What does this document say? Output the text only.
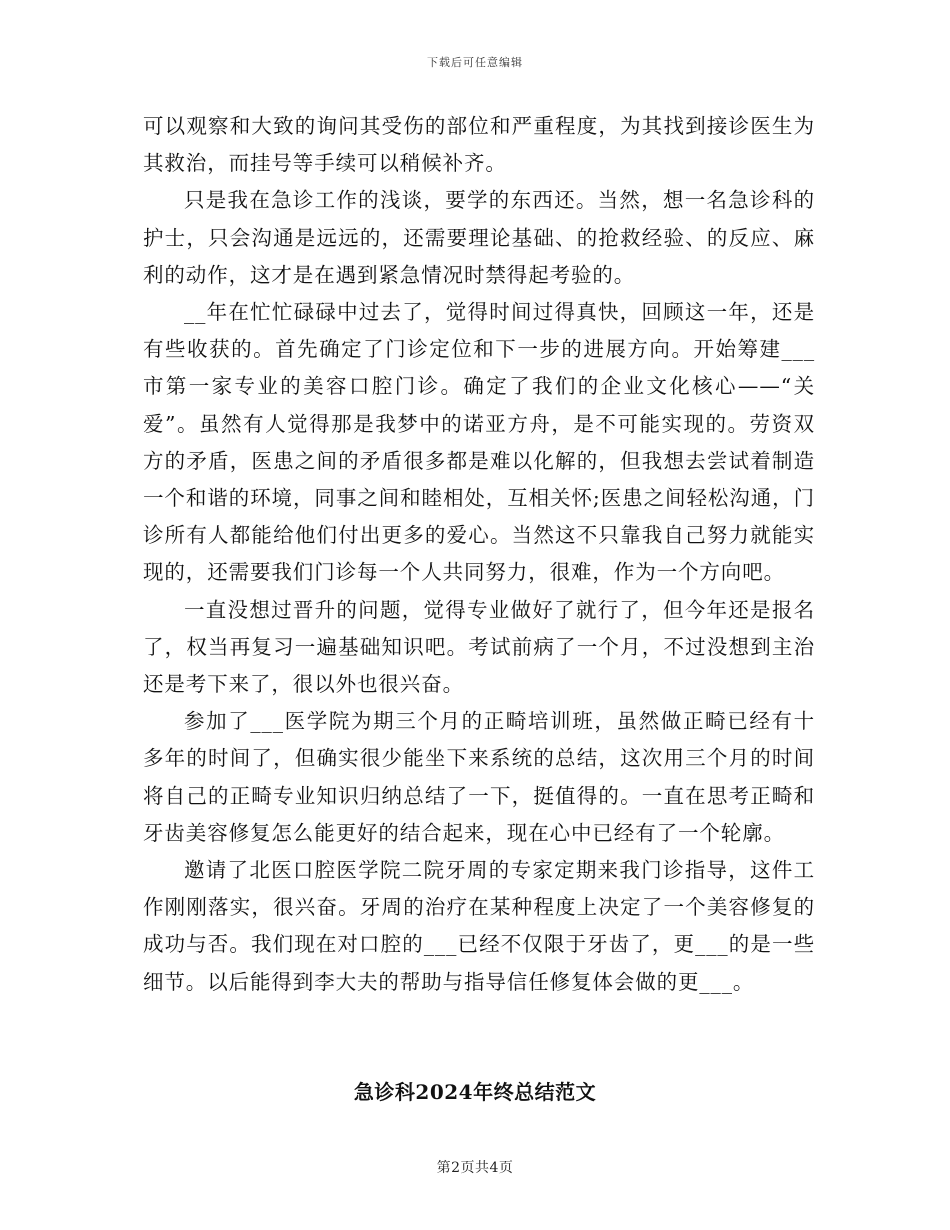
下载后可任意编辑

可以观察和大致的询问其受伤的部位和严重程度，为其找到接诊医生为其救治，而挂号等手续可以稍候补齐。

只是我在急诊工作的浅谈，要学的东西还。当然，想一名急诊科的护士，只会沟通是远远的，还需要理论基础、的抢救经验、的反应、麻利的动作，这才是在遇到紧急情况时禁得起考验的。

__年在忙忙碌碌中过去了，觉得时间过得真快，回顾这一年，还是有些收获的。首先确定了门诊定位和下一步的进展方向。开始筹建___市第一家专业的美容口腔门诊。确定了我们的企业文化核心——“关爱”。虽然有人觉得那是我梦中的诺亚方舟，是不可能实现的。劳资双方的矛盾，医患之间的矛盾很多都是难以化解的，但我想去尝试着制造一个和谐的环境，同事之间和睦相处，互相关怀;医患之间轻松沟通，门诊所有人都能给他们付出更多的爱心。当然这不只靠我自己努力就能实现的，还需要我们门诊每一个人共同努力，很难，作为一个方向吧。

一直没想过晋升的问题，觉得专业做好了就行了，但今年还是报名了，权当再复习一遍基础知识吧。考试前病了一个月，不过没想到主治还是考下来了，很以外也很兴奋。

参加了___医学院为期三个月的正畸培训班，虽然做正畸已经有十多年的时间了，但确实很少能坐下来系统的总结，这次用三个月的时间将自己的正畸专业知识归纳总结了一下，挺值得的。一直在思考正畸和牙齿美容修复怎么能更好的结合起来，现在心中已经有了一个轮廓。

邀请了北医口腔医学院二院牙周的专家定期来我门诊指导，这件工作刚刚落实，很兴奋。牙周的治疗在某种程度上决定了一个美容修复的成功与否。我们现在对口腔的___已经不仅限于牙齿了，更___的是一些细节。以后能得到李大夫的帮助与指导信任修复体会做的更___。

急诊科2024年终总结范文
第2页共4页
